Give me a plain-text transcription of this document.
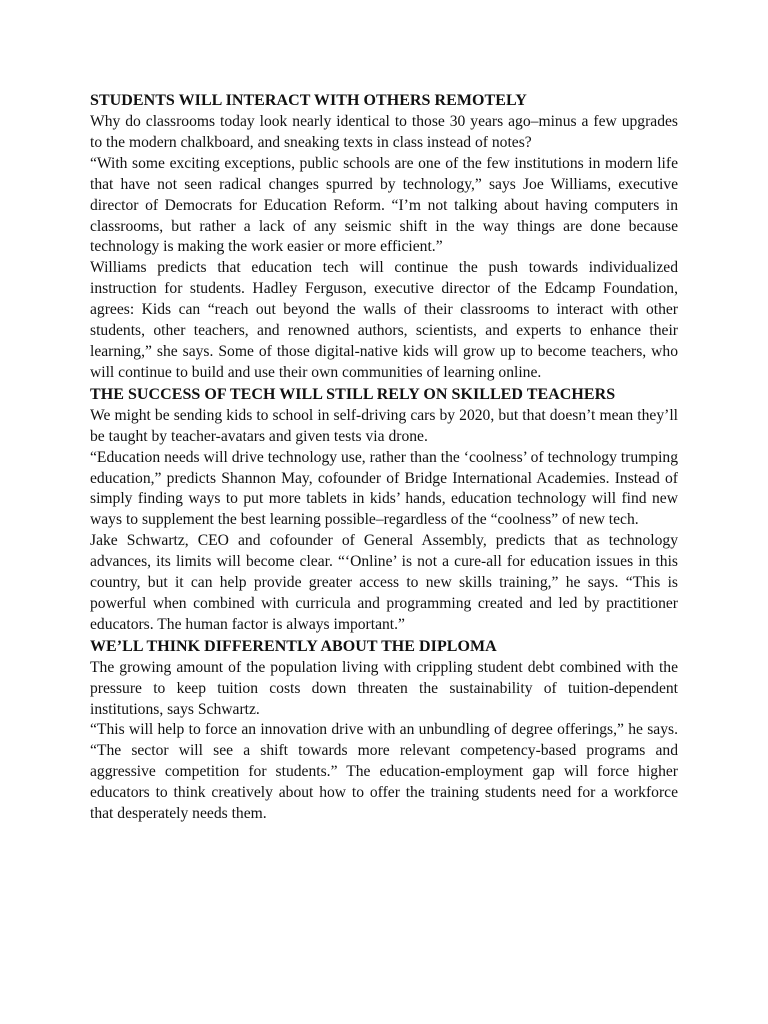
STUDENTS WILL INTERACT WITH OTHERS REMOTELY

Why do classrooms today look nearly identical to those 30 years ago–minus a few upgrades to the modern chalkboard, and sneaking texts in class instead of notes?

“With some exciting exceptions, public schools are one of the few institutions in modern life that have not seen radical changes spurred by technology,” says Joe Williams, executive director of Democrats for Education Reform. “I’m not talking about having computers in classrooms, but rather a lack of any seismic shift in the way things are done because technology is making the work easier or more efficient.”

Williams predicts that education tech will continue the push towards individualized instruction for students. Hadley Ferguson, executive director of the Edcamp Foundation, agrees: Kids can “reach out beyond the walls of their classrooms to interact with other students, other teachers, and renowned authors, scientists, and experts to enhance their learning,” she says. Some of those digital-native kids will grow up to become teachers, who will continue to build and use their own communities of learning online.

THE SUCCESS OF TECH WILL STILL RELY ON SKILLED TEACHERS

We might be sending kids to school in self-driving cars by 2020, but that doesn’t mean they’ll be taught by teacher-avatars and given tests via drone.

“Education needs will drive technology use, rather than the ‘coolness’ of technology trumping education,” predicts Shannon May, cofounder of Bridge International Academies. Instead of simply finding ways to put more tablets in kids’ hands, education technology will find new ways to supplement the best learning possible–regardless of the “coolness” of new tech.

Jake Schwartz, CEO and cofounder of General Assembly, predicts that as technology advances, its limits will become clear. “‘Online’ is not a cure-all for education issues in this country, but it can help provide greater access to new skills training,” he says. “This is powerful when combined with curricula and programming created and led by practitioner educators. The human factor is always important.”

WE’LL THINK DIFFERENTLY ABOUT THE DIPLOMA

The growing amount of the population living with crippling student debt combined with the pressure to keep tuition costs down threaten the sustainability of tuition-dependent institutions, says Schwartz.

“This will help to force an innovation drive with an unbundling of degree offerings,” he says. “The sector will see a shift towards more relevant competency-based programs and aggressive competition for students.” The education-employment gap will force higher educators to think creatively about how to offer the training students need for a workforce that desperately needs them.
